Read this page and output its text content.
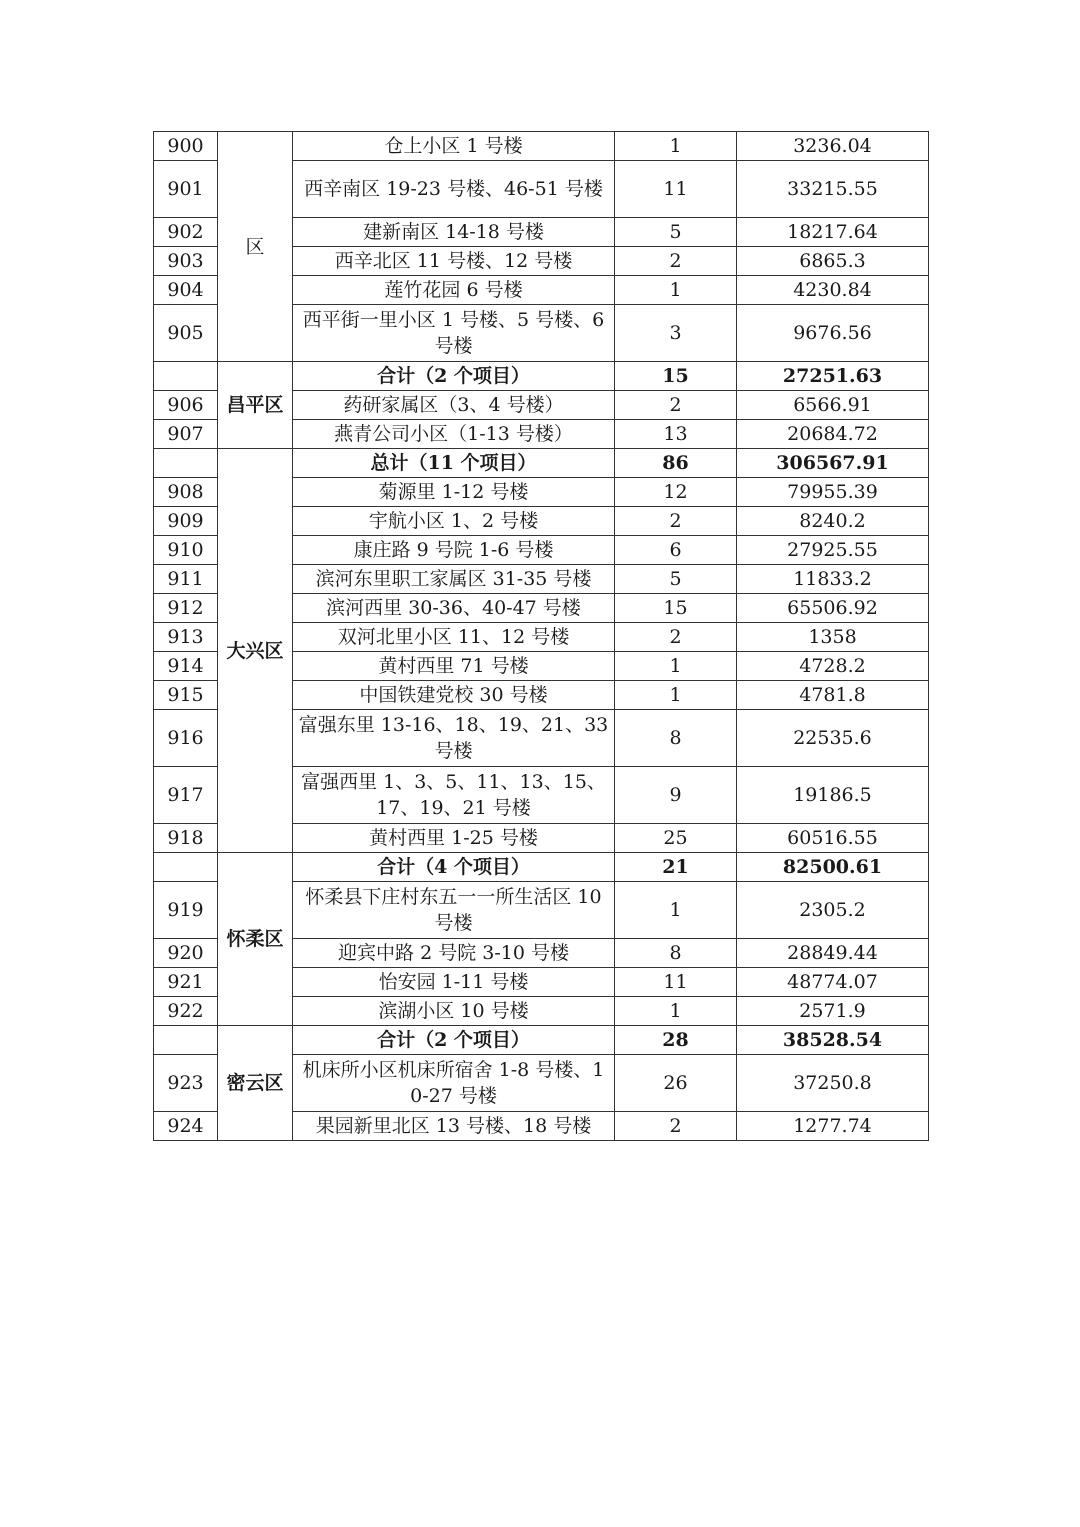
900	区	仓上小区 1 号楼	1	3236.04
901		西辛南区 19-23 号楼、46-51 号楼	11	33215.55
902		建新南区 14-18 号楼	5	18217.64
903		西辛北区 11 号楼、12 号楼	2	6865.3
904		莲竹花园 6 号楼	1	4230.84
905		西平街一里小区 1 号楼、5 号楼、6 号楼	3	9676.56
	昌平区	合计（2 个项目）	15	27251.63
906		药研家属区（3、4 号楼）	2	6566.91
907		燕青公司小区（1-13 号楼）	13	20684.72
	大兴区	总计（11 个项目）	86	306567.91
908		菊源里 1-12 号楼	12	79955.39
909		宇航小区 1、2 号楼	2	8240.2
910		康庄路 9 号院 1-6 号楼	6	27925.55
911		滨河东里职工家属区 31-35 号楼	5	11833.2
912		滨河西里 30-36、40-47 号楼	15	65506.92
913		双河北里小区 11、12 号楼	2	1358
914		黄村西里 71 号楼	1	4728.2
915		中国铁建党校 30 号楼	1	4781.8
916		富强东里 13-16、18、19、21、33 号楼	8	22535.6
917		富强西里 1、3、5、11、13、15、17、19、21 号楼	9	19186.5
918		黄村西里 1-25 号楼	25	60516.55
	怀柔区	合计（4 个项目）	21	82500.61
919		怀柔县下庄村东五一一所生活区 10 号楼	1	2305.2
920		迎宾中路 2 号院 3-10 号楼	8	28849.44
921		怡安园 1-11 号楼	11	48774.07
922		滨湖小区 10 号楼	1	2571.9
	密云区	合计（2 个项目）	28	38528.54
923		机床所小区机床所宿舍 1-8 号楼、10-27 号楼	26	37250.8
924		果园新里北区 13 号楼、18 号楼	2	1277.74
